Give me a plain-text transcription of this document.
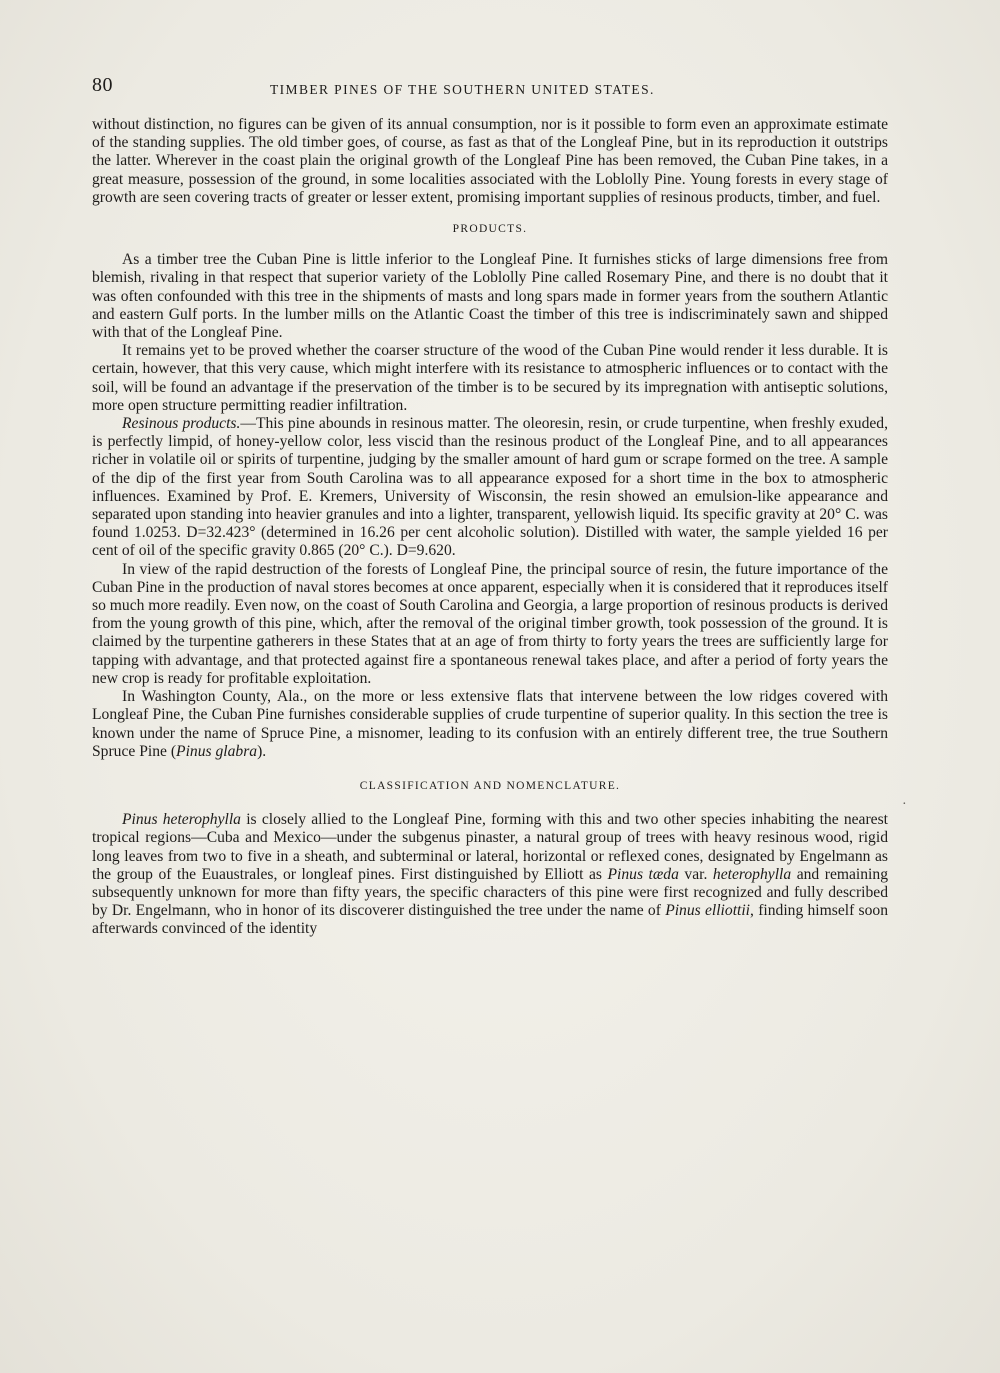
80	TIMBER PINES OF THE SOUTHERN UNITED STATES.

without distinction, no figures can be given of its annual consumption, nor is it possible to form even an approximate estimate of the standing supplies. The old timber goes, of course, as fast as that of the Longleaf Pine, but in its reproduction it outstrips the latter. Wherever in the coast plain the original growth of the Longleaf Pine has been removed, the Cuban Pine takes, in a great measure, possession of the ground, in some localities associated with the Loblolly Pine. Young forests in every stage of growth are seen covering tracts of greater or lesser extent, promising important supplies of resinous products, timber, and fuel.

PRODUCTS.

As a timber tree the Cuban Pine is little inferior to the Longleaf Pine. It furnishes sticks of large dimensions free from blemish, rivaling in that respect that superior variety of the Loblolly Pine called Rosemary Pine, and there is no doubt that it was often confounded with this tree in the shipments of masts and long spars made in former years from the southern Atlantic and eastern Gulf ports. In the lumber mills on the Atlantic Coast the timber of this tree is indiscriminately sawn and shipped with that of the Longleaf Pine.

It remains yet to be proved whether the coarser structure of the wood of the Cuban Pine would render it less durable. It is certain, however, that this very cause, which might interfere with its resistance to atmospheric influences or to contact with the soil, will be found an advantage if the preservation of the timber is to be secured by its impregnation with antiseptic solutions, more open structure permitting readier infiltration.

Resinous products.—This pine abounds in resinous matter. The oleoresin, resin, or crude turpentine, when freshly exuded, is perfectly limpid, of honey-yellow color, less viscid than the resinous product of the Longleaf Pine, and to all appearances richer in volatile oil or spirits of turpentine, judging by the smaller amount of hard gum or scrape formed on the tree. A sample of the dip of the first year from South Carolina was to all appearance exposed for a short time in the box to atmospheric influences. Examined by Prof. E. Kremers, University of Wisconsin, the resin showed an emulsion-like appearance and separated upon standing into heavier granules and into a lighter, transparent, yellowish liquid. Its specific gravity at 20° C. was found 1.0253. D=32.423° (determined in 16.26 per cent alcoholic solution). Distilled with water, the sample yielded 16 per cent of oil of the specific gravity 0.865 (20° C.). D=9.620.

In view of the rapid destruction of the forests of Longleaf Pine, the principal source of resin, the future importance of the Cuban Pine in the production of naval stores becomes at once apparent, especially when it is considered that it reproduces itself so much more readily. Even now, on the coast of South Carolina and Georgia, a large proportion of resinous products is derived from the young growth of this pine, which, after the removal of the original timber growth, took possession of the ground. It is claimed by the turpentine gatherers in these States that at an age of from thirty to forty years the trees are sufficiently large for tapping with advantage, and that protected against fire a spontaneous renewal takes place, and after a period of forty years the new crop is ready for profitable exploitation.

In Washington County, Ala., on the more or less extensive flats that intervene between the low ridges covered with Longleaf Pine, the Cuban Pine furnishes considerable supplies of crude turpentine of superior quality. In this section the tree is known under the name of Spruce Pine, a misnomer, leading to its confusion with an entirely different tree, the true Southern Spruce Pine (Pinus glabra).

CLASSIFICATION AND NOMENCLATURE.

Pinus heterophylla is closely allied to the Longleaf Pine, forming with this and two other species inhabiting the nearest tropical regions—Cuba and Mexico—under the subgenus pinaster, a natural group of trees with heavy resinous wood, rigid long leaves from two to five in a sheath, and subterminal or lateral, horizontal or reflexed cones, designated by Engelmann as the group of the Euaustrales, or longleaf pines. First distinguished by Elliott as Pinus tæda var. heterophylla and remaining subsequently unknown for more than fifty years, the specific characters of this pine were first recognized and fully described by Dr. Engelmann, who in honor of its discoverer distinguished the tree under the name of Pinus elliottii, finding himself soon afterwards convinced of the identity

·
